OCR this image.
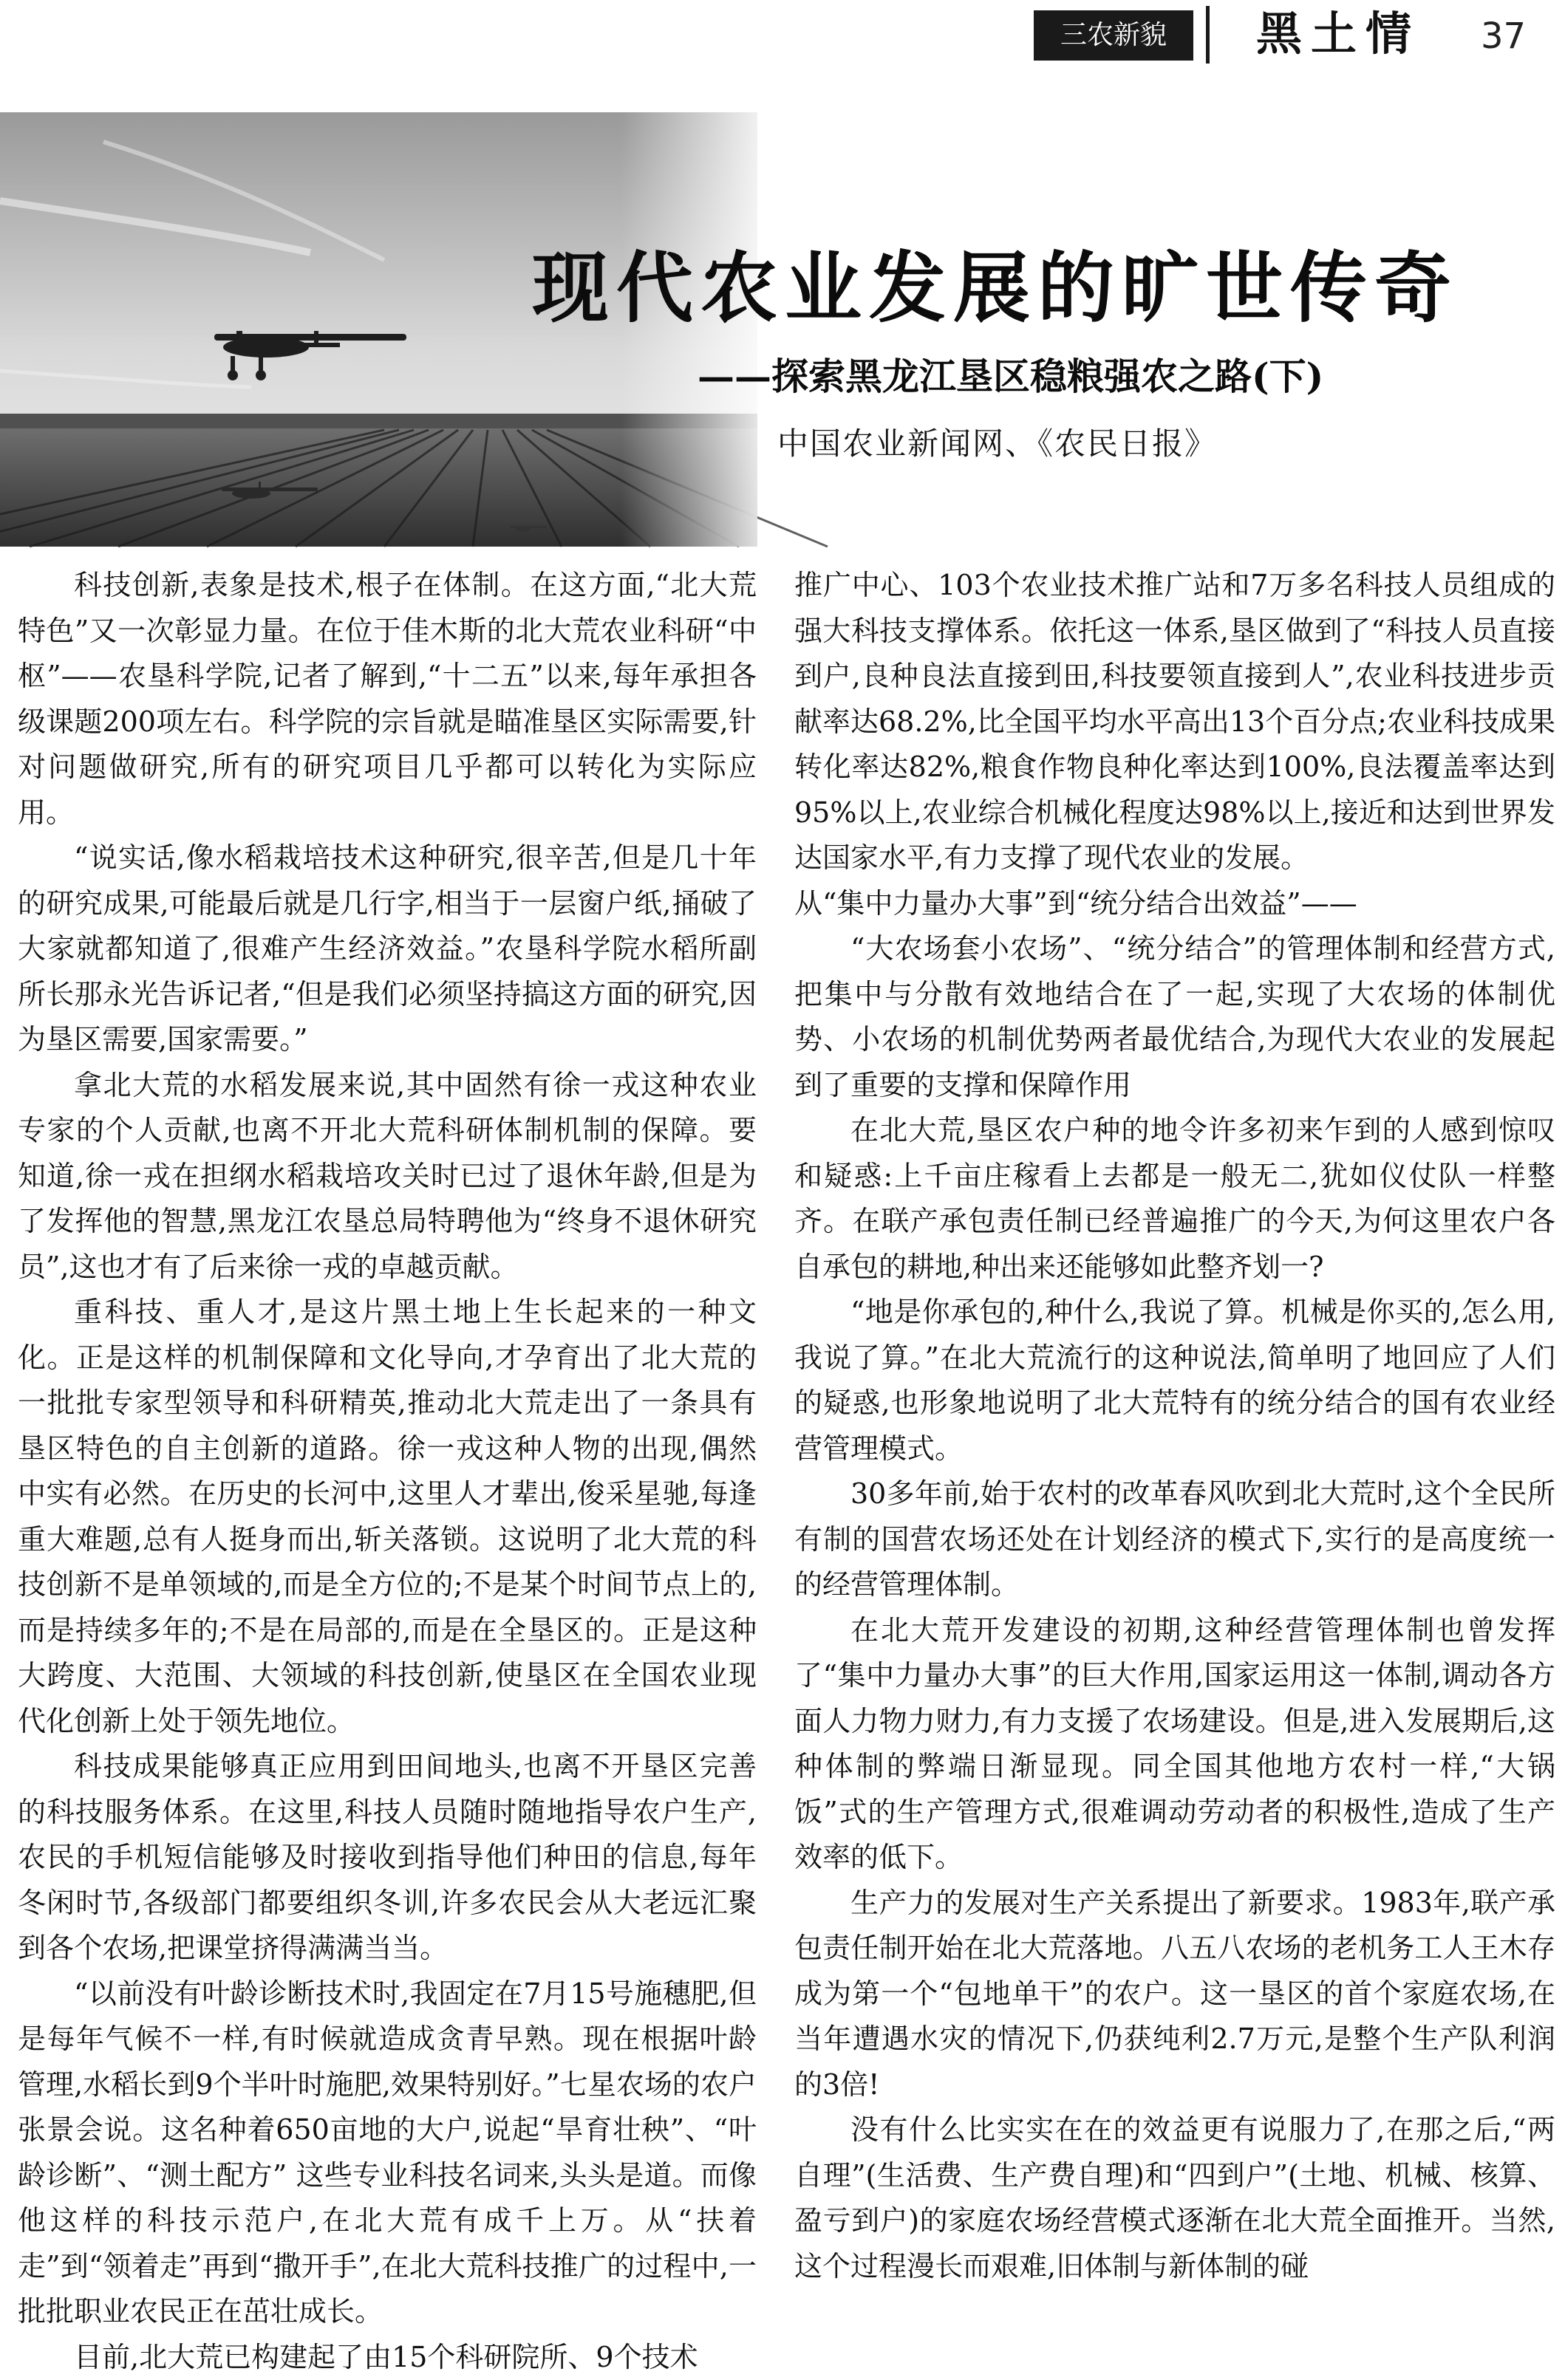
三农新貌	黑土情 37
现代农业发展的旷世传奇
——探索黑龙江垦区稳粮强农之路(下)
中国农业新闻网、《农民日报》

科技创新,表象是技术,根子在体制。在这方面,“北大荒特色”又一次彰显力量。在位于佳木斯的北大荒农业科研“中枢”——农垦科学院,记者了解到,“十二五”以来,每年承担各级课题200项左右。科学院的宗旨就是瞄准垦区实际需要,针对问题做研究,所有的研究项目几乎都可以转化为实际应用。

“说实话,像水稻栽培技术这种研究,很辛苦,但是几十年的研究成果,可能最后就是几行字,相当于一层窗户纸,捅破了大家就都知道了,很难产生经济效益。”农垦科学院水稻所副所长那永光告诉记者,“但是我们必须坚持搞这方面的研究,因为垦区需要,国家需要。”

拿北大荒的水稻发展来说,其中固然有徐一戎这种农业专家的个人贡献,也离不开北大荒科研体制机制的保障。要知道,徐一戎在担纲水稻栽培攻关时已过了退休年龄,但是为了发挥他的智慧,黑龙江农垦总局特聘他为“终身不退休研究员”,这也才有了后来徐一戎的卓越贡献。

重科技、重人才,是这片黑土地上生长起来的一种文化。正是这样的机制保障和文化导向,才孕育出了北大荒的一批批专家型领导和科研精英,推动北大荒走出了一条具有垦区特色的自主创新的道路。徐一戎这种人物的出现,偶然中实有必然。在历史的长河中,这里人才辈出,俊采星驰,每逢重大难题,总有人挺身而出,斩关落锁。这说明了北大荒的科技创新不是单领域的,而是全方位的;不是某个时间节点上的,而是持续多年的;不是在局部的,而是在全垦区的。正是这种大跨度、大范围、大领域的科技创新,使垦区在全国农业现代化创新上处于领先地位。

科技成果能够真正应用到田间地头,也离不开垦区完善的科技服务体系。在这里,科技人员随时随地指导农户生产,农民的手机短信能够及时接收到指导他们种田的信息,每年冬闲时节,各级部门都要组织冬训,许多农民会从大老远汇聚到各个农场,把课堂挤得满满当当。

“以前没有叶龄诊断技术时,我固定在7月15号施穗肥,但是每年气候不一样,有时候就造成贪青早熟。现在根据叶龄管理,水稻长到9个半叶时施肥,效果特别好。”七星农场的农户张景会说。这名种着650亩地的大户,说起“旱育壮秧”、“叶龄诊断”、“测土配方” 这些专业科技名词来,头头是道。而像他这样的科技示范户,在北大荒有成千上万。从“扶着走”到“领着走”再到“撒开手”,在北大荒科技推广的过程中,一批批职业农民正在茁壮成长。

目前,北大荒已构建起了由15个科研院所、9个技术

推广中心、103个农业技术推广站和7万多名科技人员组成的强大科技支撑体系。依托这一体系,垦区做到了“科技人员直接到户,良种良法直接到田,科技要领直接到人”,农业科技进步贡献率达68.2%,比全国平均水平高出13个百分点;农业科技成果转化率达82%,粮食作物良种化率达到100%,良法覆盖率达到95%以上,农业综合机械化程度达98%以上,接近和达到世界发达国家水平,有力支撑了现代农业的发展。

从“集中力量办大事”到“统分结合出效益”——

“大农场套小农场”、“统分结合”的管理体制和经营方式,把集中与分散有效地结合在了一起,实现了大农场的体制优势、小农场的机制优势两者最优结合,为现代大农业的发展起到了重要的支撑和保障作用

在北大荒,垦区农户种的地令许多初来乍到的人感到惊叹和疑惑:上千亩庄稼看上去都是一般无二,犹如仪仗队一样整齐。在联产承包责任制已经普遍推广的今天,为何这里农户各自承包的耕地,种出来还能够如此整齐划一?

“地是你承包的,种什么,我说了算。机械是你买的,怎么用,我说了算。”在北大荒流行的这种说法,简单明了地回应了人们的疑惑,也形象地说明了北大荒特有的统分结合的国有农业经营管理模式。

30多年前,始于农村的改革春风吹到北大荒时,这个全民所有制的国营农场还处在计划经济的模式下,实行的是高度统一的经营管理体制。

在北大荒开发建设的初期,这种经营管理体制也曾发挥了“集中力量办大事”的巨大作用,国家运用这一体制,调动各方面人力物力财力,有力支援了农场建设。但是,进入发展期后,这种体制的弊端日渐显现。同全国其他地方农村一样,“大锅饭”式的生产管理方式,很难调动劳动者的积极性,造成了生产效率的低下。

生产力的发展对生产关系提出了新要求。1983年,联产承包责任制开始在北大荒落地。八五八农场的老机务工人王木存成为第一个“包地单干”的农户。这一垦区的首个家庭农场,在当年遭遇水灾的情况下,仍获纯利2.7万元,是整个生产队利润的3倍!

没有什么比实实在在的效益更有说服力了,在那之后,“两自理”(生活费、生产费自理)和“四到户”(土地、机械、核算、盈亏到户)的家庭农场经营模式逐渐在北大荒全面推开。当然,这个过程漫长而艰难,旧体制与新体制的碰
